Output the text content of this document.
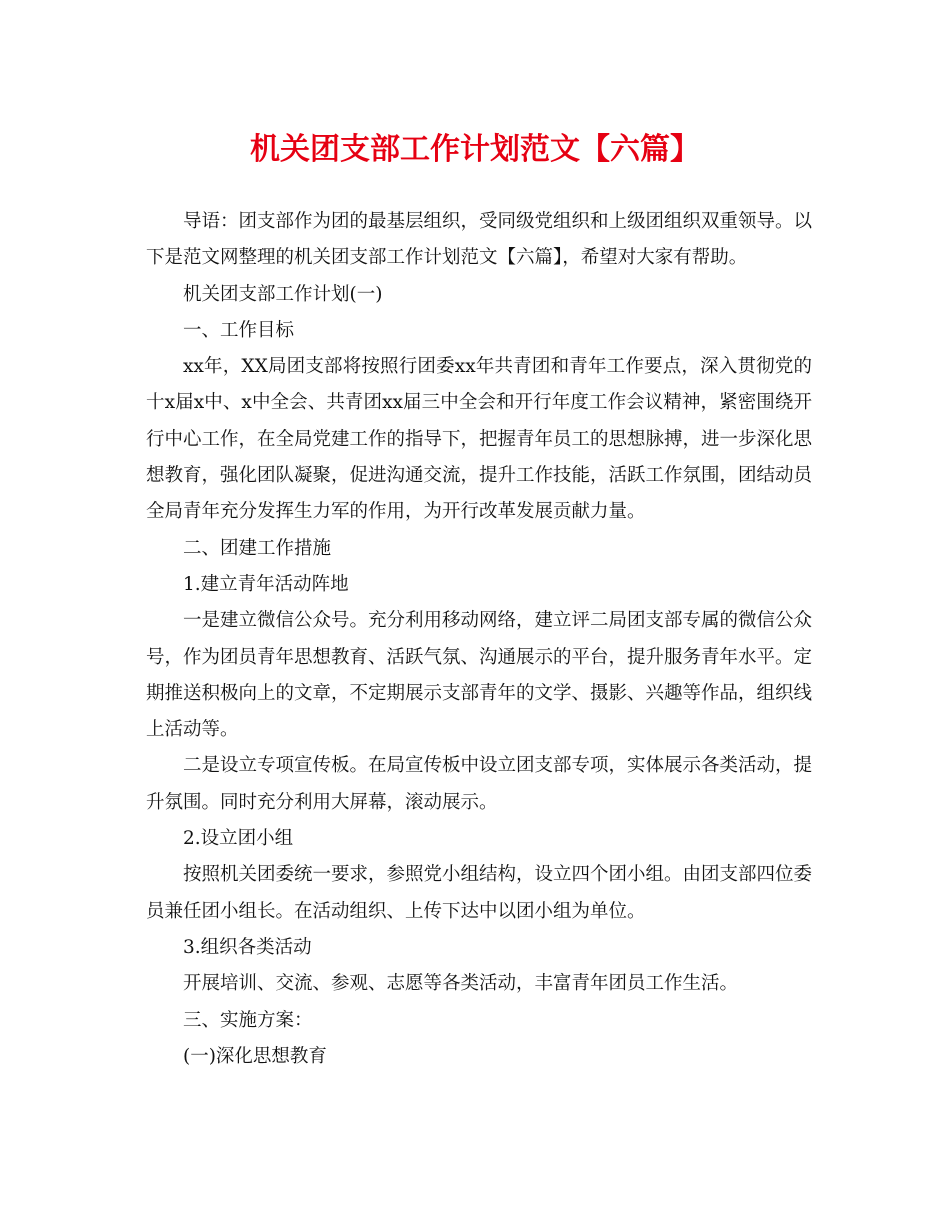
机关团支部工作计划范文【六篇】

导语：团支部作为团的最基层组织，受同级党组织和上级团组织双重领导。以下是范文网整理的机关团支部工作计划范文【六篇】，希望对大家有帮助。

机关团支部工作计划(一)

一、工作目标

xx年，XX局团支部将按照行团委xx年共青团和青年工作要点，深入贯彻党的十x届x中、x中全会、共青团xx届三中全会和开行年度工作会议精神，紧密围绕开行中心工作，在全局党建工作的指导下，把握青年员工的思想脉搏，进一步深化思想教育，强化团队凝聚，促进沟通交流，提升工作技能，活跃工作氛围，团结动员全局青年充分发挥生力军的作用，为开行改革发展贡献力量。

二、团建工作措施

1.建立青年活动阵地

一是建立微信公众号。充分利用移动网络，建立评二局团支部专属的微信公众号，作为团员青年思想教育、活跃气氛、沟通展示的平台，提升服务青年水平。定期推送积极向上的文章，不定期展示支部青年的文学、摄影、兴趣等作品，组织线上活动等。

二是设立专项宣传板。在局宣传板中设立团支部专项，实体展示各类活动，提升氛围。同时充分利用大屏幕，滚动展示。

2.设立团小组

按照机关团委统一要求，参照党小组结构，设立四个团小组。由团支部四位委员兼任团小组长。在活动组织、上传下达中以团小组为单位。

3.组织各类活动

开展培训、交流、参观、志愿等各类活动，丰富青年团员工作生活。

三、实施方案：

(一)深化思想教育
